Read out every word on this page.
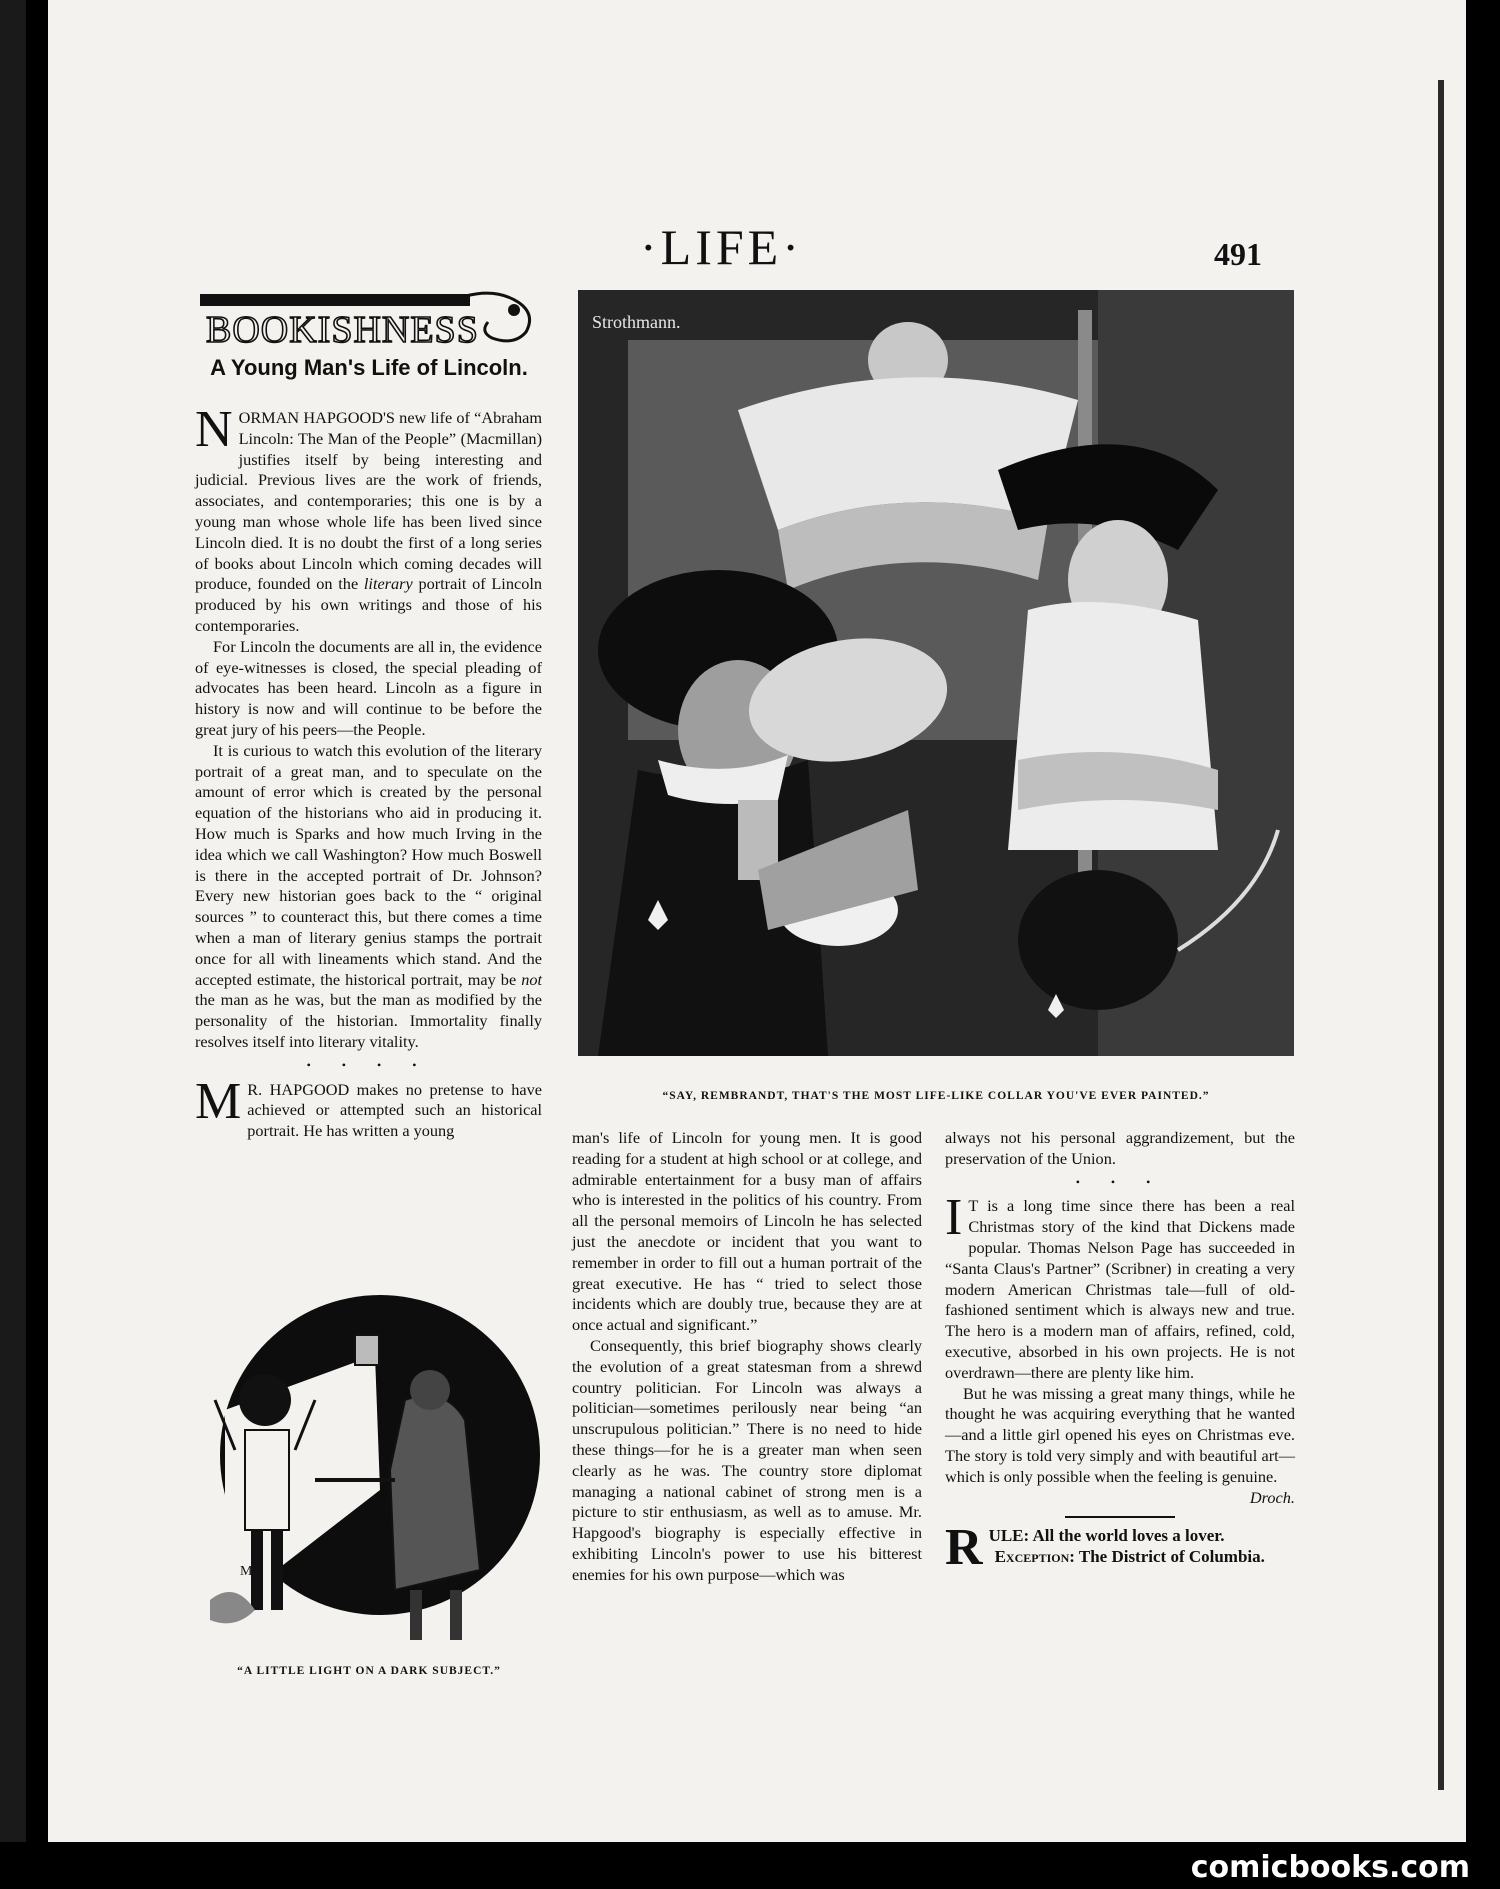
comicbooks.com
·LIFE·	491
BOOKISHNESS
A Young Man's Life of Lincoln.

NORMAN HAPGOOD'S new life of “Abraham Lincoln: The Man of the People” (Macmillan) justifies itself by being interesting and judicial. Previous lives are the work of friends, associates, and contemporaries; this one is by a young man whose whole life has been lived since Lincoln died. It is no doubt the first of a long series of books about Lincoln which coming decades will produce, founded on the literary portrait of Lincoln produced by his own writings and those of his contemporaries.

For Lincoln the documents are all in, the evidence of eye-witnesses is closed, the special pleading of advocates has been heard. Lincoln as a figure in history is now and will continue to be before the great jury of his peers—the People.

It is curious to watch this evolution of the literary portrait of a great man, and to speculate on the amount of error which is created by the personal equation of the historians who aid in producing it. How much is Sparks and how much Irving in the idea which we call Washington? How much Boswell is there in the accepted portrait of Dr. Johnson? Every new historian goes back to the “ original sources ” to counteract this, but there comes a time when a man of literary genius stamps the portrait once for all with lineaments which stand. And the accepted estimate, the historical portrait, may be not the man as he was, but the man as modified by the personality of the historian. Immortality finally resolves itself into literary vitality.

• • • •

M R. HAPGOOD makes no pretense to have achieved or attempted such an historical portrait. He has written a young

Strothmann.
“SAY, REMBRANDT, THAT'S THE MOST LIFE-LIKE COLLAR YOU'VE EVER PAINTED.”

man's life of Lincoln for young men. It is good reading for a student at high school or at college, and admirable entertainment for a busy man of affairs who is interested in the politics of his country. From all the personal memoirs of Lincoln he has selected just the anecdote or incident that you want to remember in order to fill out a human portrait of the great executive. He has “ tried to select those incidents which are doubly true, because they are at once actual and significant.”

Consequently, this brief biography shows clearly the evolution of a great statesman from a shrewd country politician. For Lincoln was always a politician—sometimes perilously near being “an unscrupulous politician.” There is no need to hide these things—for he is a greater man when seen clearly as he was. The country store diplomat managing a national cabinet of strong men is a picture to stir enthusiasm, as well as to amuse. Mr. Hapgood's biography is especially effective in exhibiting Lincoln's power to use his bitterest enemies for his own purpose—which was

always not his personal aggrandizement, but the preservation of the Union.

• • •

I T is a long time since there has been a real Christmas story of the kind that Dickens made popular. Thomas Nelson Page has succeeded in “Santa Claus's Partner” (Scribner) in creating a very modern American Christmas tale—full of old-fashioned sentiment which is always new and true. The hero is a modern man of affairs, refined, cold, executive, absorbed in his own projects. He is not overdrawn—there are plenty like him.

But he was missing a great many things, while he thought he was acquiring everything that he wanted—and a little girl opened his eyes on Christmas eve. The story is told very simply and with beautiful art—which is only possible when the feeling is genuine.
Droch.

RULE: All the world loves a lover.
Exception: The District of Columbia.

MH
“A LITTLE LIGHT ON A DARK SUBJECT.”
